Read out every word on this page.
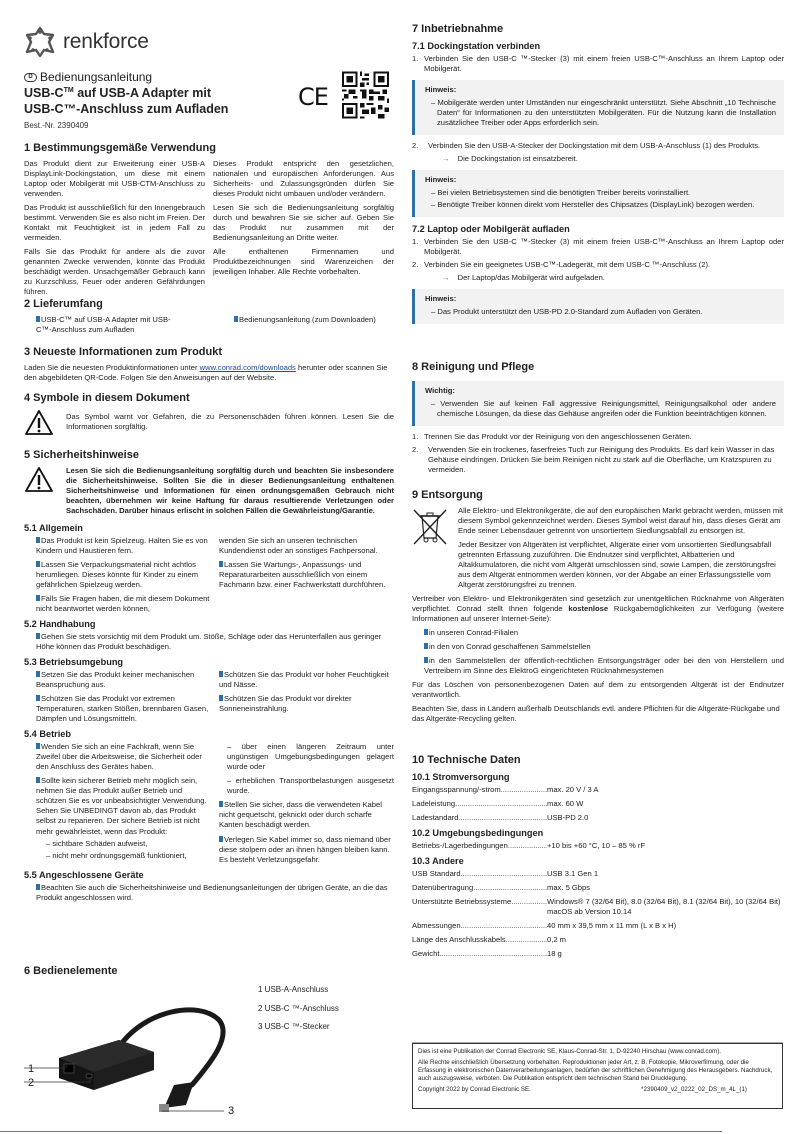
renkforce
D Bedienungsanleitung
USB-C™ auf USB-A Adapter mit
USB-C™-Anschluss zum Aufladen
Best.-Nr. 2390409
CE
1 Bestimmungsgemäße Verwendung

Das Produkt dient zur Erweiterung einer USB-A DisplayLink-Dockingstation, um diese mit einem Laptop oder Mobilgerät mit USB-CTM-Anschluss zu verwenden.

Das Produkt ist ausschließlich für den Innengebrauch bestimmt. Verwenden Sie es also nicht im Freien. Der Kontakt mit Feuchtigkeit ist in jedem Fall zu vermeiden.

Falls Sie das Produkt für andere als die zuvor genannten Zwecke verwenden, könnte das Produkt beschädigt werden. Unsachgemäßer Gebrauch kann zu Kurzschluss, Feuer oder anderen Gefährdungen führen.

Dieses Produkt entspricht den gesetzlichen, nationalen und europäischen Anforderungen. Aus Sicherheits- und Zulassungsgründen dürfen Sie dieses Produkt nicht umbauen und/oder verändern.

Lesen Sie sich die Bedienungsanleitung sorgfältig durch und bewahren Sie sie sicher auf. Geben Sie das Produkt nur zusammen mit der Bedienungsanleitung an Dritte weiter.

Alle enthaltenen Firmennamen und Produktbezeichnungen sind Warenzeichen der jeweiligen Inhaber. Alle Rechte vorbehalten.

2 Lieferumfang
USB-C™ auf USB-A Adapter mit USB-C™-Anschluss zum Aufladen
Bedienungsanleitung (zum Downloaden)
3 Neueste Informationen zum Produkt

Laden Sie die neuesten Produktinformationen unter www.conrad.com/downloads herunter oder scannen Sie den abgebildeten QR-Code. Folgen Sie den Anweisungen auf der Website.

4 Symbole in diesem Dokument

Das Symbol warnt vor Gefahren, die zu Personenschäden führen können. Lesen Sie die Informationen sorgfältig.

5 Sicherheitshinweise

Lesen Sie sich die Bedienungsanleitung sorgfältig durch und beachten Sie insbesondere die Sicherheitshinweise. Sollten Sie die in dieser Bedienungsanleitung enthaltenen Sicherheitshinweise und Informationen für einen ordnungsgemäßen Gebrauch nicht beachten, übernehmen wir keine Haftung für daraus resultierende Verletzungen oder Sachschäden. Darüber hinaus erlischt in solchen Fällen die Gewährleistung/Garantie.

5.1 Allgemein

Das Produkt ist kein Spielzeug. Halten Sie es von Kindern und Haustieren fern.

Lassen Sie Verpackungsmaterial nicht achtlos herumliegen. Dieses könnte für Kinder zu einem gefährlichen Spielzeug werden.

Falls Sie Fragen haben, die mit diesem Dokument nicht beantwortet werden können,

wenden Sie sich an unseren technischen Kundendienst oder an sonstiges Fachpersonal.

Lassen Sie Wartungs-, Anpassungs- und Reparaturarbeiten ausschließlich von einem Fachmann bzw. einer Fachwerkstatt durchführen.

5.2 Handhabung

Gehen Sie stets vorsichtig mit dem Produkt um. Stöße, Schläge oder das Herunterfallen aus geringer Höhe können das Produkt beschädigen.

5.3 Betriebsumgebung

Setzen Sie das Produkt keiner mechanischen Beanspruchung aus.

Schützen Sie das Produkt vor extremen Temperaturen, starken Stößen, brennbaren Gasen, Dämpfen und Lösungsmitteln.

Schützen Sie das Produkt vor hoher Feuchtigkeit und Nässe.

Schützen Sie das Produkt vor direkter Sonneneinstrahlung.

5.4 Betrieb

Wenden Sie sich an eine Fachkraft, wenn Sie Zweifel über die Arbeitsweise, die Sicherheit oder den Anschluss des Gerätes haben.

Sollte kein sicherer Betrieb mehr möglich sein, nehmen Sie das Produkt außer Betrieb und schützen Sie es vor unbeabsichtigter Verwendung. Sehen Sie UNBEDINGT davon ab, das Produkt selbst zu reparieren. Der sichere Betrieb ist nicht mehr gewährleistet, wenn das Produkt:

– sichtbare Schäden aufweist,

– nicht mehr ordnungsgemäß funktioniert,

– über einen längeren Zeitraum unter ungünstigen Umgebungsbedingungen gelagert wurde oder

– erheblichen Transportbelastungen ausgesetzt wurde.

Stellen Sie sicher, dass die verwendeten Kabel nicht gequetscht, geknickt oder durch scharfe Kanten beschädigt werden.

Verlegen Sie Kabel immer so, dass niemand über diese stolpern oder an ihnen hängen bleiben kann. Es besteht Verletzungsgefahr.

5.5 Angeschlossene Geräte

Beachten Sie auch die Sicherheitshinweise und Bedienungsanleitungen der übrigen Geräte, an die das Produkt angeschlossen wird.

6 Bedienelemente
1
2
3
1 USB-A-Anschluss
2 USB-C ™-Anschluss
3 USB-C ™-Stecker
7 Inbetriebnahme
7.1 Dockingstation verbinden
1. Verbinden Sie den USB-C ™-Stecker (3) mit einem freien USB-C™-Anschluss an Ihrem Laptop oder Mobilgerät.
Hinweis:
– Mobilgeräte werden unter Umständen nur eingeschränkt unterstützt. Siehe Abschnitt „10 Technische Daten“ für Informationen zu den unterstützten Mobilgeräten. Für die Nutzung kann die Installation zusätzlichee Treiber oder Apps erforderlich sein.
2.	Verbinden Sie den USB-A-Stecker der Dockingstation mit dem USB-A-Anschluss (1) des Produkts.
→ Die Dockingstation ist einsatzbereit.
Hinweis:
– Bei vielen Betriebsystemen sind die benötigten Treiber bereits vorinstalliert.
– Benötigte Treiber können direkt vom Hersteller des Chipsatzes (DisplayLink) bezogen werden.
7.2 Laptop oder Mobilgerät aufladen
1. Verbinden Sie den USB-C ™-Stecker (3) mit einem freien USB-C™-Anschluss an Ihrem Laptop oder Mobilgerät.
2. Verbinden Sie ein geeignetes USB-C™-Ladegerät, mit dem USB-C ™-Anschluss (2).
→ Der Laptop/das Mobilgerät wird aufgeladen.
Hinweis:
– Das Produkt unterstützt den USB-PD 2.0-Standard zum Aufladen von Geräten.
8 Reinigung und Pflege
Wichtig:
– Verwenden Sie auf keinen Fall aggressive Reinigungsmittel, Reinigungsalkohol oder andere chemische Lösungen, da diese das Gehäuse angreifen oder die Funktion beeinträchtigen können.
1. Trennen Sie das Produkt vor der Reinigung von den angeschlossenen Geräten.
2.	Verwenden Sie ein trockenes, faserfreies Tuch zur Reinigung des Produkts. Es darf kein Wasser in das Gehäuse eindringen. Drücken Sie beim Reinigen nicht zu stark auf die Oberfläche, um Kratzspuren zu vermeiden.
9 Entsorgung

Alle Elektro- und Elektronikgeräte, die auf den europäischen Markt gebracht werden, müssen mit diesem Symbol gekennzeichnet werden. Dieses Symbol weist darauf hin, dass dieses Gerät am Ende seiner Lebensdauer getrennt von unsortiertem Siedlungsabfall zu entsorgen ist.

Jeder Besitzer von Altgeräten ist verpflichtet, Altgeräte einer vom unsortierten Siedlungsabfall getrennten Erfassung zuzuführen. Die Endnutzer sind verpflichtet, Altbatterien und Altakkumulatoren, die nicht vom Altgerät umschlossen sind, sowie Lampen, die zerstörungsfrei aus dem Altgerät entnommen werden können, vor der Abgabe an einer Erfassungsstelle vom Altgerät zerstörungsfrei zu trennen.

Vertreiber von Elektro- und Elektronikgeräten sind gesetzlich zur unentgeltlichen Rücknahme von Altgeräten verpflichtet. Conrad stellt Ihnen folgende kostenlose Rückgabemöglichkeiten zur Verfügung (weitere Informationen auf unserer Internet-Seite):

in unseren Conrad-Filialen

in den von Conrad geschaffenen Sammelstellen

in den Sammelstellen der öffentlich-rechtlichen Entsorgungsträger oder bei den von Herstellern und Vertreibern im Sinne des ElektroG eingerichteten Rücknahmesystemen

Für das Löschen von personenbezogenen Daten auf dem zu entsorgenden Altgerät ist der Endnutzer verantwortlich.

Beachten Sie, dass in Ländern außerhalb Deutschlands evtl. andere Pflichten für die Altgeräte-Rückgabe und das Altgeräte-Recycling gelten.

10 Technische Daten
10.1 Stromversorgung
Eingangsspannung/-strom .....	max. 20 V / 3 A
Ladeleistung .....	max. 60 W
Ladestandard .....	USB-PD 2.0
10.2 Umgebungsbedingungen
Betriebs-/Lagerbedingungen .....	+10 bis +60 °C, 10 – 85 % rF
10.3 Andere
USB Standard .....	USB 3.1 Gen 1
Datenübertragung .....	max. 5 Gbps
Unterstützte Betriebssysteme .....	Windows® 7 (32/64 Bit), 8.0 (32/64 Bit), 8.1 (32/64 Bit), 10 (32/64 Bit)
macOS ab Version 10.14
Abmessungen .....	40 mm x 39,5 mm x 11 mm (L x B x H)
Länge des Anschlusskabels .....	0,2 m
Gewicht .....	18 g

Dies ist eine Publikation der Conrad Electronic SE, Klaus-Conrad-Str. 1, D-92240 Hirschau (www.conrad.com).

Alle Rechte einschließlich Übersetzung vorbehalten. Reproduktionen jeder Art, z. B. Fotokopie, Mikroverfilmung, oder die Erfassung in elektronischen Datenverarbeitungsanlagen, bedürfen der schriftlichen Genehmigung des Herausgebers. Nachdruck, auch auszugsweise, verboten. Die Publikation entspricht dem technischen Stand bei Drucklegung.

Copyright 2022 by Conrad Electronic SE.	*2390409_v2_0222_02_DS_m_4L_(1)
